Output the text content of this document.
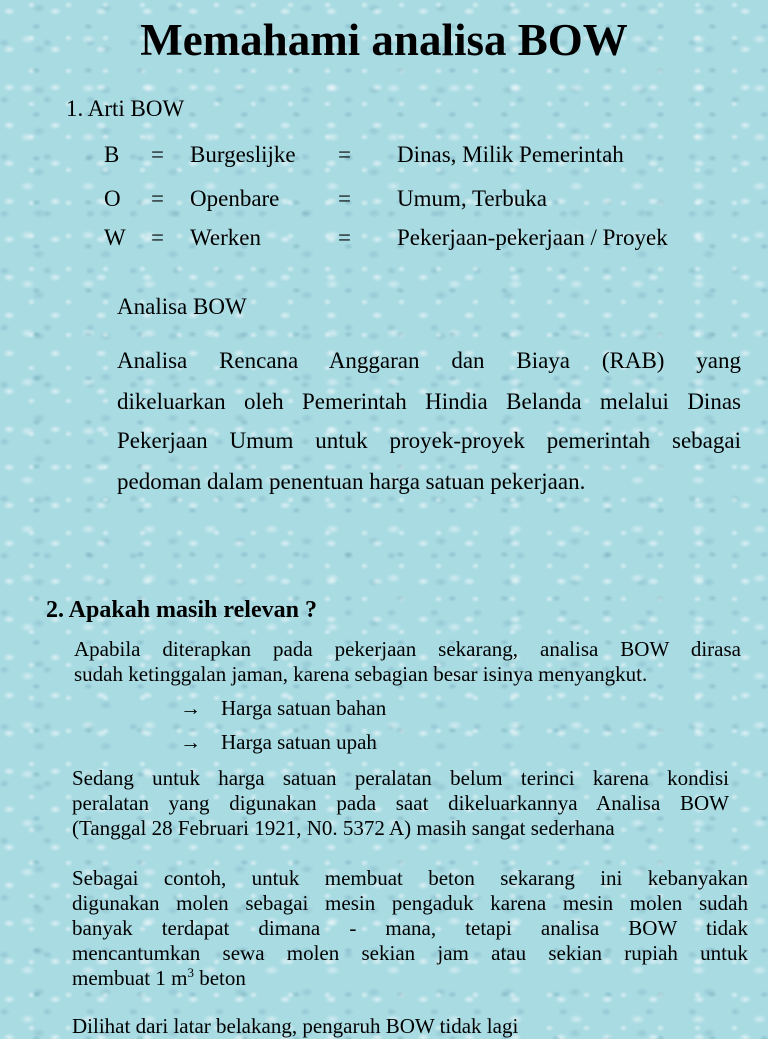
Memahami analisa BOW
1. Arti BOW
B = Burgeslijke = Dinas, Milik Pemerintah
O = Openbare	= Umum, Terbuka
W = Werken	= Pekerjaan-pekerjaan / Proyek
Analisa BOW
Analisa Rencana Anggaran dan Biaya (RAB) yang
dikeluarkan oleh Pemerintah Hindia Belanda melalui Dinas
Pekerjaan Umum untuk proyek-proyek pemerintah sebagai
pedoman dalam penentuan harga satuan pekerjaan.
2. Apakah masih relevan ?
Apabila diterapkan pada pekerjaan sekarang, analisa BOW dirasa
sudah ketinggalan jaman, karena sebagian besar isinya menyangkut.
→ Harga satuan bahan
→ Harga satuan upah
Sedang untuk harga satuan peralatan belum terinci karena kondisi
peralatan yang digunakan pada saat dikeluarkannya Analisa BOW
(Tanggal 28 Februari 1921, N0. 5372 A) masih sangat sederhana
Sebagai contoh, untuk membuat beton sekarang ini kebanyakan
digunakan molen sebagai mesin pengaduk karena mesin molen sudah
banyak terdapat dimana - mana, tetapi analisa BOW tidak
mencantumkan sewa molen sekian jam atau sekian rupiah untuk
membuat 1 $m^3$ beton
Dilihat dari latar belakang, pengaruh BOW tidak lagi
